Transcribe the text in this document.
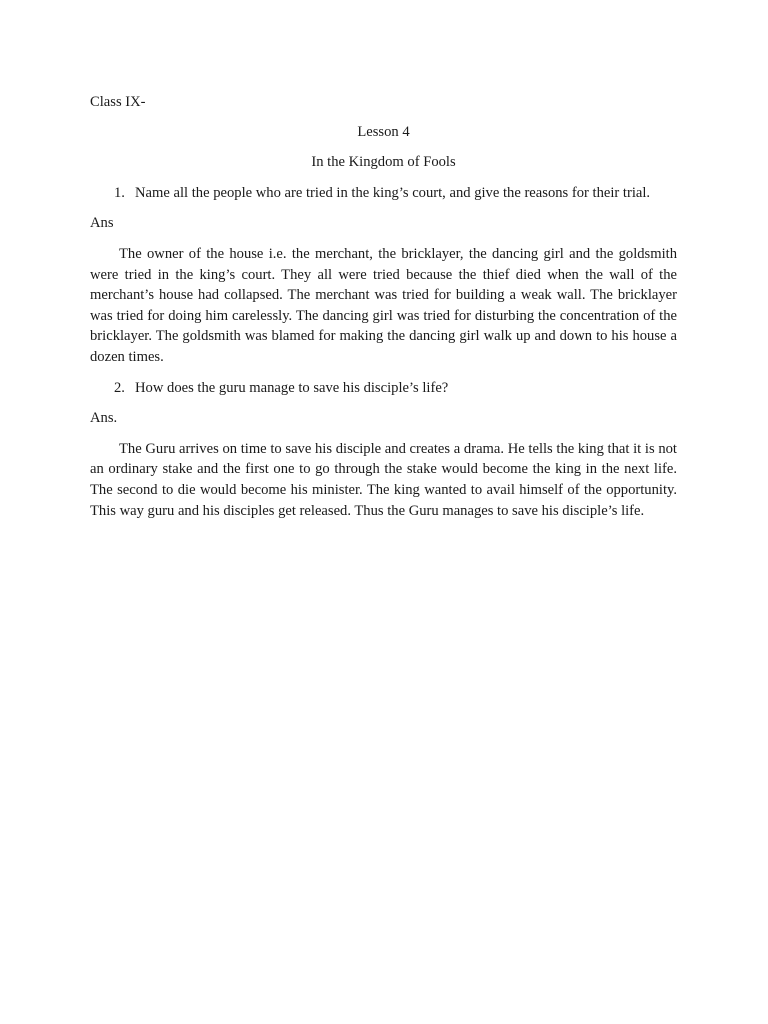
Class IX-

Lesson 4

In the Kingdom of Fools

1. Name all the people who are tried in the king’s court, and give the reasons for their trial.

Ans

The owner of the house i.e. the merchant, the bricklayer, the dancing girl and the goldsmith were tried in the king’s court. They all were tried because the thief died when the wall of the merchant’s house had collapsed. The merchant was tried for building a weak wall. The bricklayer was tried for doing him carelessly. The dancing girl was tried for disturbing the concentration of the bricklayer. The goldsmith was blamed for making the dancing girl walk up and down to his house a dozen times.

2. How does the guru manage to save his disciple’s life?

Ans.

The Guru arrives on time to save his disciple and creates a drama. He tells the king that it is not an ordinary stake and the first one to go through the stake would become the king in the next life. The second to die would become his minister. The king wanted to avail himself of the opportunity. This way guru and his disciples get released. Thus the Guru manages to save his disciple’s life.
